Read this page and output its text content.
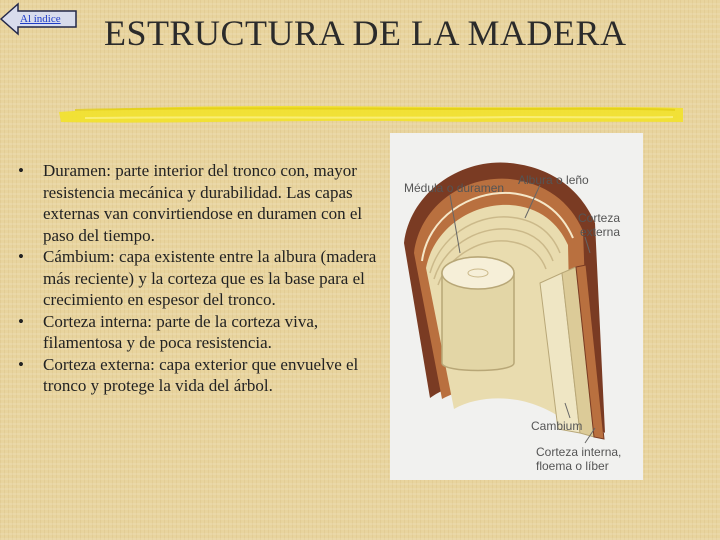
Al índice ESTRUCTURA DE LA MADERA
• Duramen: parte interior del tronco con, mayor resistencia mecánica y durabilidad. Las capas externas van convirtiendose en duramen con el paso del tiempo.
• Cámbium: capa existente entre la albura (madera más reciente) y la corteza que es la base para el crecimiento en espesor del tronco.
• Corteza interna: parte de la corteza viva, filamentosa y de poca resistencia.
• Corteza externa: capa exterior que envuelve el tronco y protege la vida del árbol.
Médula o duramen
Albura o leño
Corteza
externa
Cambium
Corteza interna,
floema o líber
